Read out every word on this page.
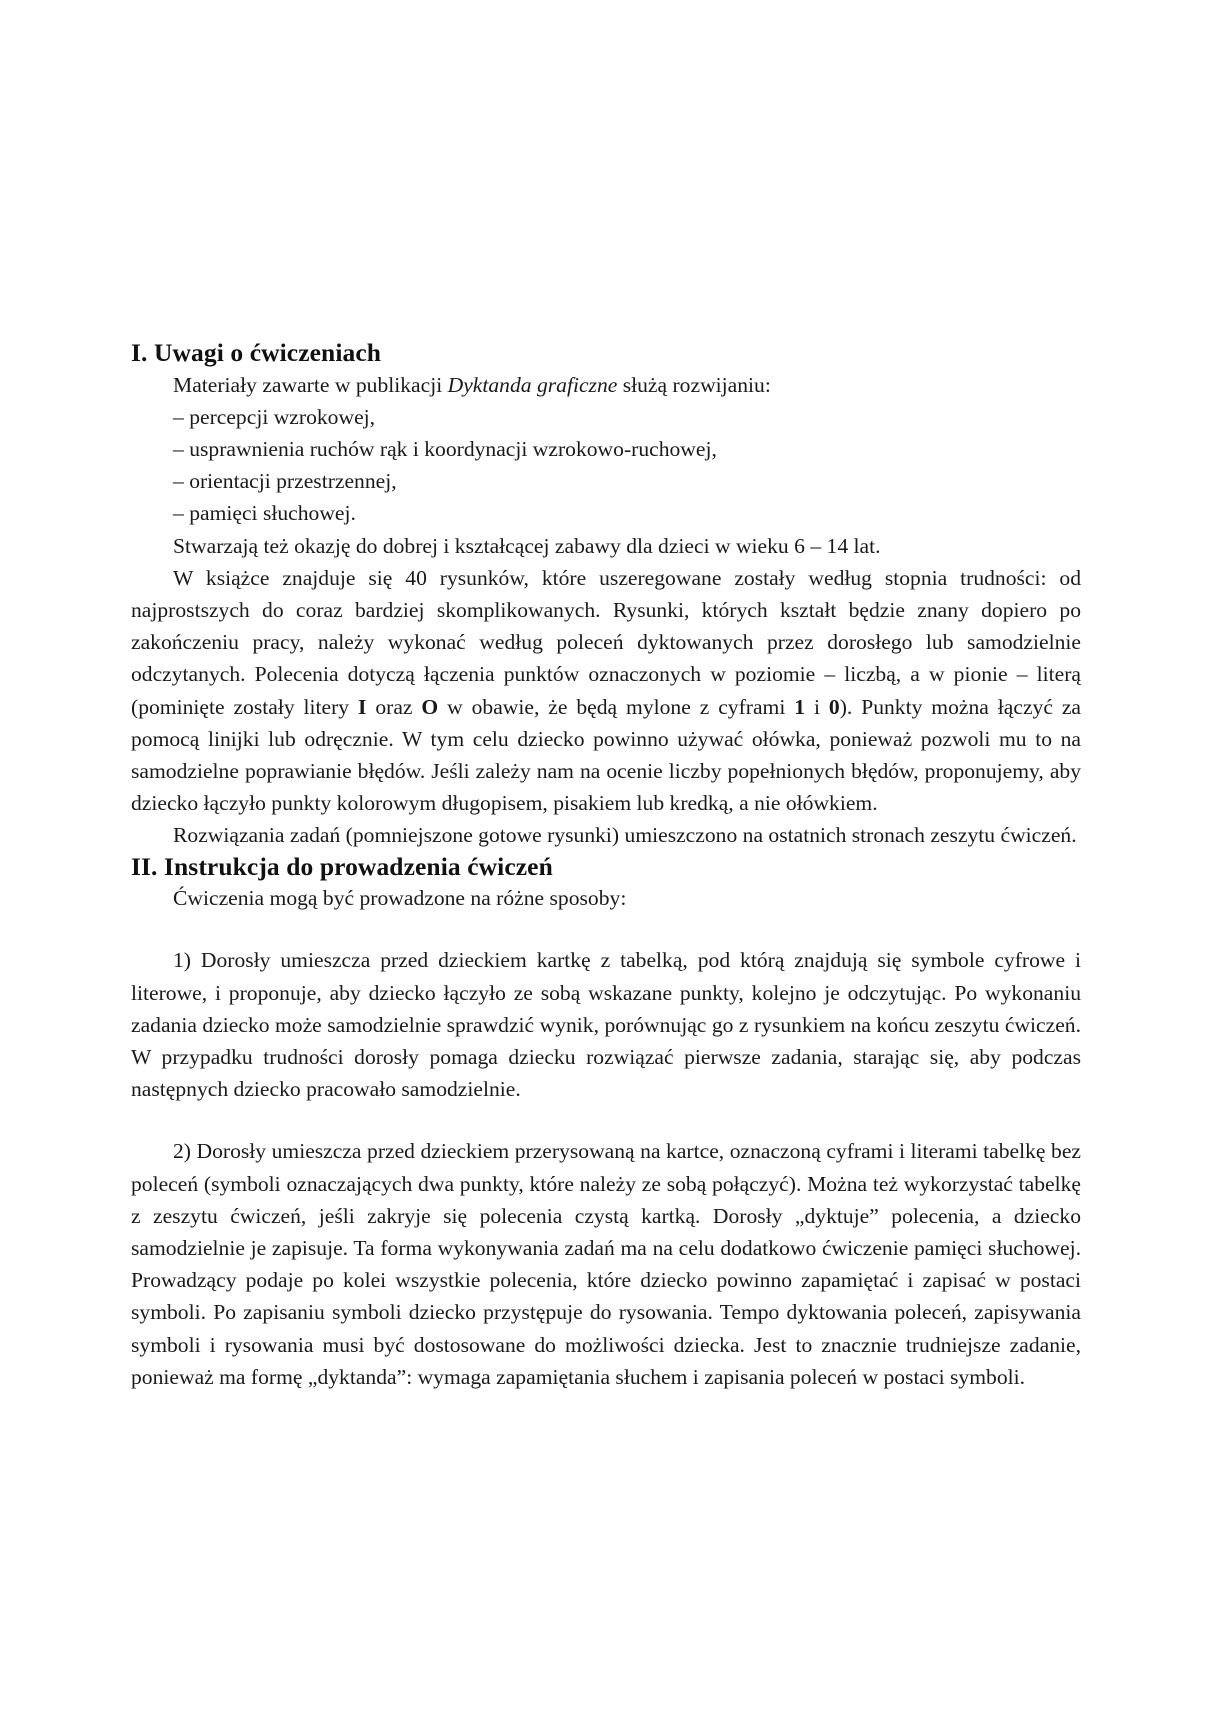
I. Uwagi o ćwiczeniach
Materiały zawarte w publikacji Dyktanda graficzne służą rozwijaniu:
– percepcji wzrokowej,
– usprawnienia ruchów rąk i koordynacji wzrokowo-ruchowej,
– orientacji przestrzennej,
– pamięci słuchowej.
Stwarzają też okazję do dobrej i kształcącej zabawy dla dzieci w wieku 6 – 14 lat.

W książce znajduje się 40 rysunków, które uszeregowane zostały według stopnia trudności: od najprostszych do coraz bardziej skomplikowanych. Rysunki, których kształt będzie znany dopiero po zakończeniu pracy, należy wykonać według poleceń dyktowanych przez dorosłego lub samodzielnie odczytanych. Polecenia dotyczą łączenia punktów oznaczonych w poziomie – liczbą, a w pionie – literą (pominięte zostały litery I oraz O w obawie, że będą mylone z cyframi 1 i 0). Punkty można łączyć za pomocą linijki lub odręcznie. W tym celu dziecko powinno używać ołówka, ponieważ pozwoli mu to na samodzielne poprawianie błędów. Jeśli zależy nam na ocenie liczby popełnionych błędów, proponujemy, aby dziecko łączyło punkty kolorowym długopisem, pisakiem lub kredką, a nie ołówkiem.

Rozwiązania zadań (pomniejszone gotowe rysunki) umieszczono na ostatnich stronach zeszytu ćwiczeń.

II. Instrukcja do prowadzenia ćwiczeń

Ćwiczenia mogą być prowadzone na różne sposoby:

1) Dorosły umieszcza przed dzieckiem kartkę z tabelką, pod którą znajdują się symbole cyfrowe i literowe, i proponuje, aby dziecko łączyło ze sobą wskazane punkty, kolejno je odczytując. Po wykonaniu zadania dziecko może samodzielnie sprawdzić wynik, porównując go z rysunkiem na końcu zeszytu ćwiczeń. W przypadku trudności dorosły pomaga dziecku rozwiązać pierwsze zadania, starając się, aby podczas następnych dziecko pracowało samodzielnie.

2) Dorosły umieszcza przed dzieckiem przerysowaną na kartce, oznaczoną cyframi i literami tabelkę bez poleceń (symboli oznaczających dwa punkty, które należy ze sobą połączyć). Można też wykorzystać tabelkę z zeszytu ćwiczeń, jeśli zakryje się polecenia czystą kartką. Dorosły „dyktuje” polecenia, a dziecko samodzielnie je zapisuje. Ta forma wykonywania zadań ma na celu dodatkowo ćwiczenie pamięci słuchowej. Prowadzący podaje po kolei wszystkie polecenia, które dziecko powinno zapamiętać i zapisać w postaci symboli. Po zapisaniu symboli dziecko przystępuje do rysowania. Tempo dyktowania poleceń, zapisywania symboli i rysowania musi być dostosowane do możliwości dziecka. Jest to znacznie trudniejsze zadanie, ponieważ ma formę „dyktanda”: wymaga zapamiętania słuchem i zapisania poleceń w postaci symboli.
